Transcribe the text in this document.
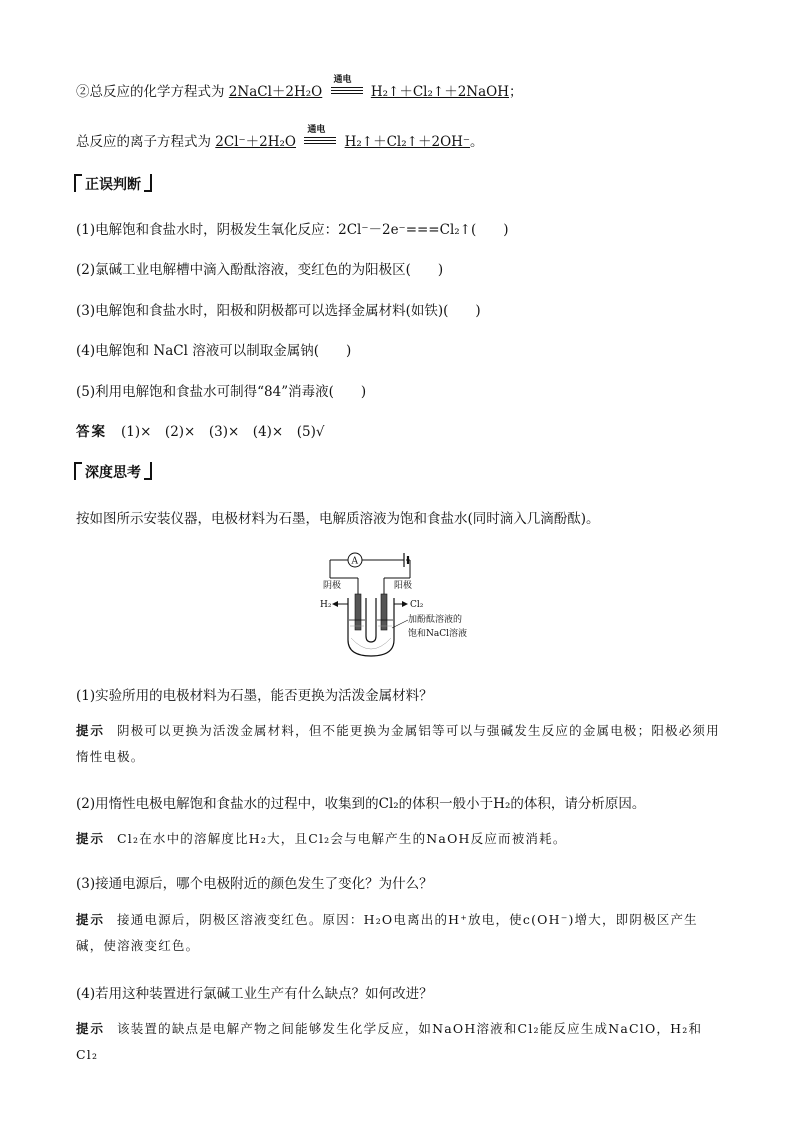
②总反应的化学方程式为 2NaCl＋2H₂O
通电
H₂↑＋Cl₂↑＋2NaOH；
总反应的离子方程式为 2Cl⁻＋2H₂O
通电
H₂↑＋Cl₂↑＋2OH⁻。
正误判断
(1)电解饱和食盐水时，阴极发生氧化反应：2Cl⁻－2e⁻===Cl₂↑(　　)
(2)氯碱工业电解槽中滴入酚酞溶液，变红色的为阳极区(　　)
(3)电解饱和食盐水时，阳极和阴极都可以选择金属材料(如铁)(　　)
(4)电解饱和 NaCl 溶液可以制取金属钠(　　)
(5)利用电解饱和食盐水可制得“84”消毒液(　　)
答案 (1)×　(2)×　(3)×　(4)×　(5)√
深度思考
按如图所示安装仪器，电极材料为石墨，电解质溶液为饱和食盐水(同时滴入几滴酚酞)。
A
阴极	阳极
H₂	Cl₂
加酚酞溶液的
饱和NaCl溶液
(1)实验所用的电极材料为石墨，能否更换为活泼金属材料？
提示 阴极可以更换为活泼金属材料，但不能更换为金属铝等可以与强碱发生反应的金属电极；阳极必须用惰性电极。
(2)用惰性电极电解饱和食盐水的过程中，收集到的Cl₂的体积一般小于H₂的体积，请分析原因。
提示 Cl₂在水中的溶解度比H₂大，且Cl₂会与电解产生的NaOH反应而被消耗。
(3)接通电源后，哪个电极附近的颜色发生了变化？为什么？
提示 接通电源后，阴极区溶液变红色。原因：H₂O电离出的H⁺放电，使c(OH⁻)增大，即阴极区产生碱，使溶液变红色。
(4)若用这种装置进行氯碱工业生产有什么缺点？如何改进？
提示 该装置的缺点是电解产物之间能够发生化学反应，如NaOH溶液和Cl₂能反应生成NaClO，H₂和Cl₂
